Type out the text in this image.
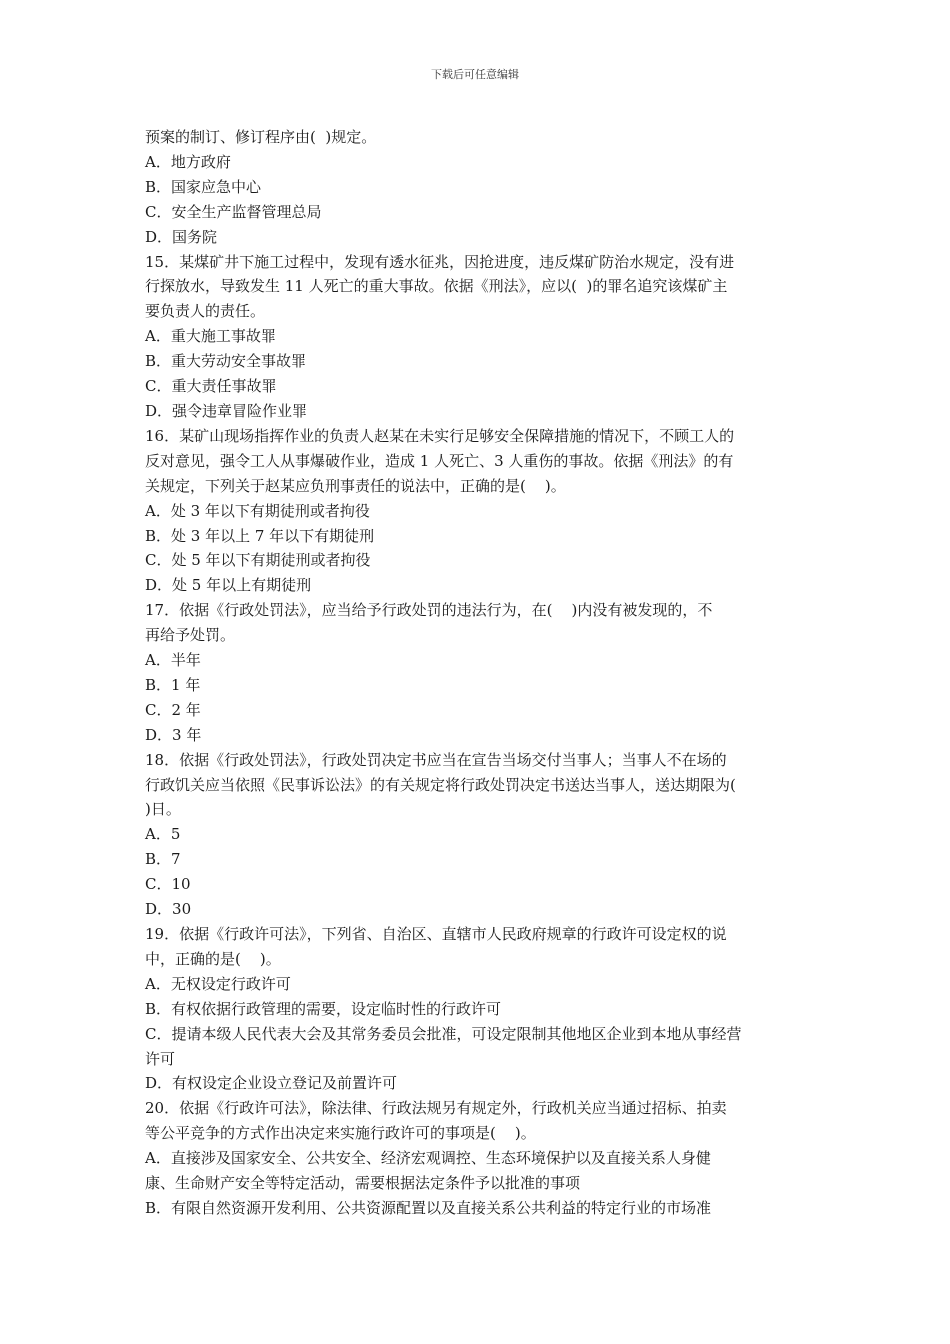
下载后可任意编辑
预案的制订、修订程序由(  )规定。
A．地方政府
B．国家应急中心
C．安全生产监督管理总局
D．国务院
15．某煤矿井下施工过程中，发现有透水征兆，因抢进度，违反煤矿防治水规定，没有进
行探放水，导致发生 11 人死亡的重大事故。依据《刑法》，应以(  )的罪名追究该煤矿主
要负责人的责任。
A．重大施工事故罪
B．重大劳动安全事故罪
C．重大责任事故罪
D．强令违章冒险作业罪
16．某矿山现场指挥作业的负责人赵某在未实行足够安全保障措施的情况下，不顾工人的
反对意见，强令工人从事爆破作业，造成 1 人死亡、3 人重伤的事故。依据《刑法》的有
关规定，下列关于赵某应负刑事责任的说法中，正确的是(    )。
A．处 3 年以下有期徒刑或者拘役
B．处 3 年以上 7 年以下有期徒刑
C．处 5 年以下有期徒刑或者拘役
D．处 5 年以上有期徒刑
17．依据《行政处罚法》，应当给予行政处罚的违法行为，在(    )内没有被发现的，不
再给予处罚。
A．半年
B．1 年
C．2 年
D．3 年
18．依据《行政处罚法》，行政处罚决定书应当在宣告当场交付当事人；当事人不在场的
行政饥关应当依照《民事诉讼法》的有关规定将行政处罚决定书送达当事人，送达期限为(
)日。
A．5
B．7
C．10
D．30
19．依据《行政许可法》，下列省、自治区、直辖市人民政府规章的行政许可设定权的说
中，正确的是(    )。
A．无权设定行政许可
B．有权依据行政管理的需要，设定临时性的行政许可
C．提请本级人民代表大会及其常务委员会批准，可设定限制其他地区企业到本地从事经营
许可
D．有权设定企业设立登记及前置许可
20．依据《行政许可法》，除法律、行政法规另有规定外，行政机关应当通过招标、拍卖
等公平竞争的方式作出决定来实施行政许可的事项是(    )。
A．直接涉及国家安全、公共安全、经济宏观调控、生态环境保护以及直接关系人身健
康、生命财产安全等特定活动，需要根据法定条件予以批准的事项
B．有限自然资源开发利用、公共资源配置以及直接关系公共利益的特定行业的市场准
